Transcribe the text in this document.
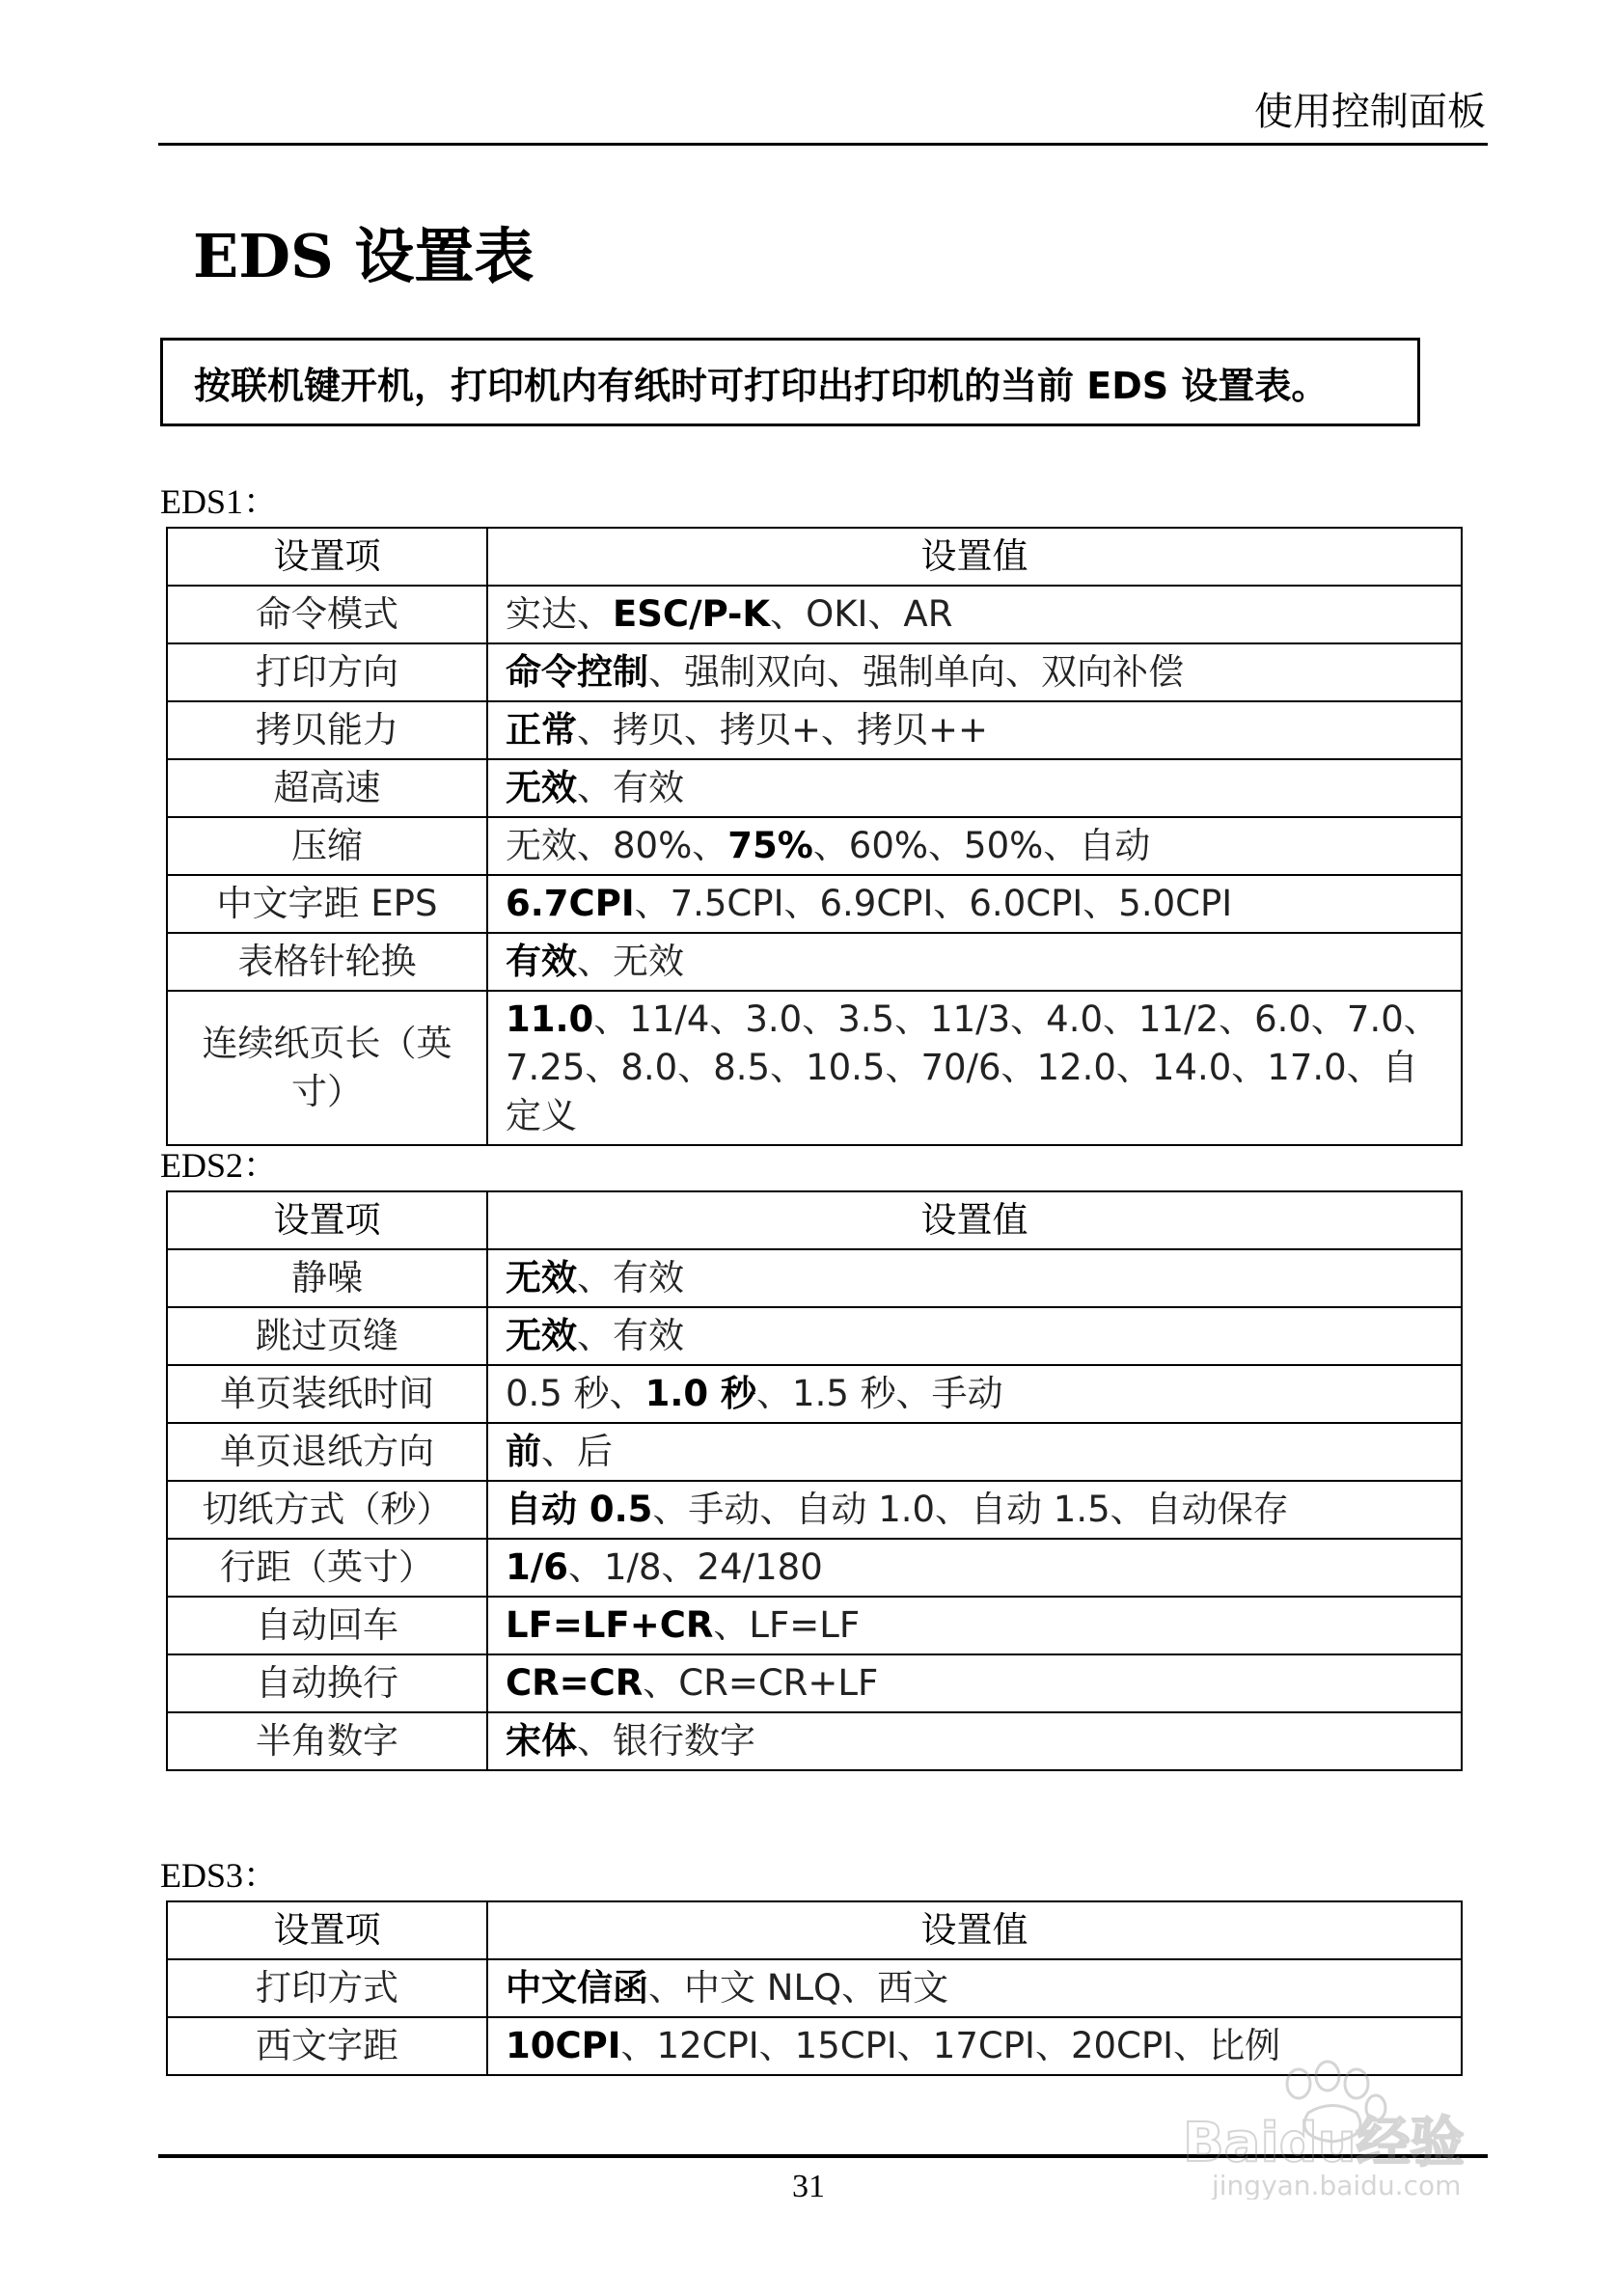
使用控制面板
EDS 设置表
按联机键开机，打印机内有纸时可打印出打印机的当前 EDS 设置表。
EDS1：
设置项	设置值
命令模式	实达、ESC/P-K、OKI、AR
打印方向	命令控制、强制双向、强制单向、双向补偿
拷贝能力	正常、拷贝、拷贝+、拷贝++
超高速	无效、有效
压缩	无效、80%、75%、60%、50%、自动
中文字距 EPS	6.7CPI、7.5CPI、6.9CPI、6.0CPI、5.0CPI
表格针轮换	有效、无效
连续纸页长（英寸）	11.0、11/4、3.0、3.5、11/3、4.0、11/2、6.0、7.0、7.25、8.0、8.5、10.5、70/6、12.0、14.0、17.0、自定义
EDS2：
设置项	设置值
静噪	无效、有效
跳过页缝	无效、有效
单页装纸时间	0.5 秒、1.0 秒、1.5 秒、手动
单页退纸方向	前、后
切纸方式（秒）	自动 0.5、手动、自动 1.0、自动 1.5、自动保存
行距（英寸）	1/6、1/8、24/180
自动回车	LF=LF+CR、LF=LF
自动换行	CR=CR、CR=CR+LF
半角数字	宋体、银行数字
EDS3：
设置项	设置值
打印方式	中文信函、中文 NLQ、西文
西文字距	10CPI、12CPI、15CPI、17CPI、20CPI、比例
31
Baidu经验
jingyan.baidu.com
